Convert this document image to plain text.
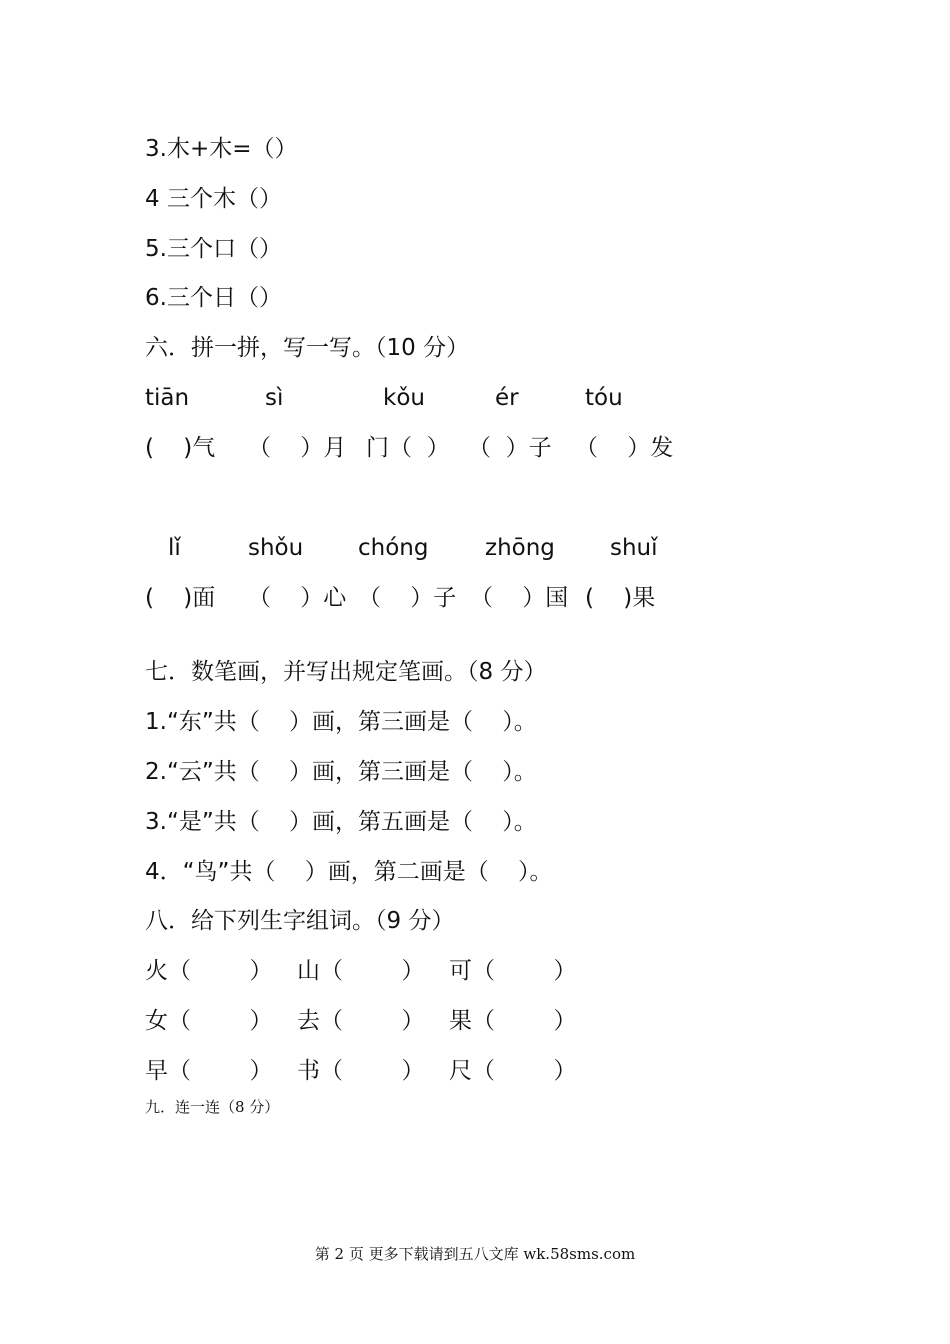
3.木+木=（）
4 三个木（）
5.三个口（）
6.三个日（）
六．拼一拼，写一写。（10 分）
tiān	sì	kǒu	ér	tóu
(    )气 （    ）月 门（  ） （  ）子 （    ）发
lǐ	shǒu chóng zhōng shuǐ
(    )面 （    ）心 （    ）子 （    ）国 (    )果
七．数笔画，并写出规定笔画。（8 分）
1.“东”共（    ）画，第三画是（    ）。
2.“云”共（    ）画，第三画是（    ）。
3.“是”共（    ）画，第五画是（    ）。
4．“鸟”共（    ）画，第二画是（    ）。
八．给下列生字组词。（9 分）
火（        ） 山（        ） 可（        ）
女（        ） 去（        ） 果（        ）
早（        ） 书（        ） 尺（        ）
九．连一连（8 分）
第 2 页 更多下载请到五八文库 wk.58sms.com
